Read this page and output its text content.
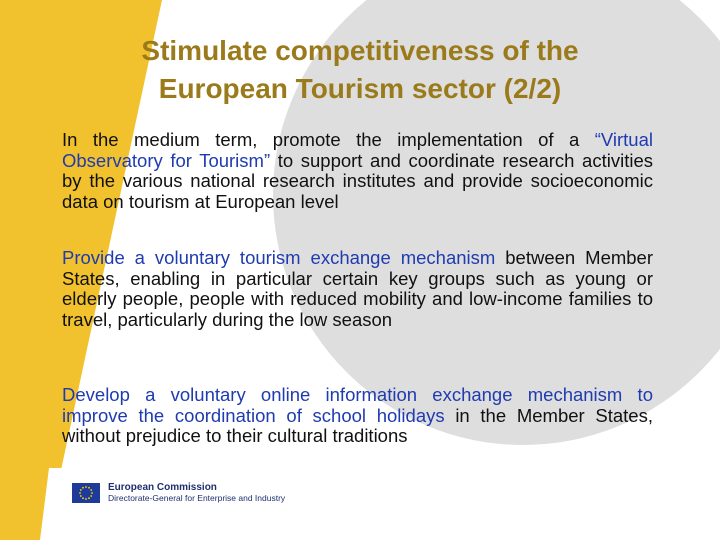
Stimulate competitiveness of the
European Tourism sector (2/2)
In the medium term, promote the implementation of a “Virtual Observatory for Tourism” to support and coordinate research activities by the various national research institutes and provide socioeconomic data on tourism at European level
Provide a voluntary tourism exchange mechanism between Member States, enabling in particular certain key groups such as young or elderly people, people with reduced mobility and low-income families to travel, particularly during the low season
Develop a voluntary online information exchange mechanism to improve the coordination of school holidays in the Member States, without prejudice to their cultural traditions
European Commission
Directorate-General for Enterprise and Industry
